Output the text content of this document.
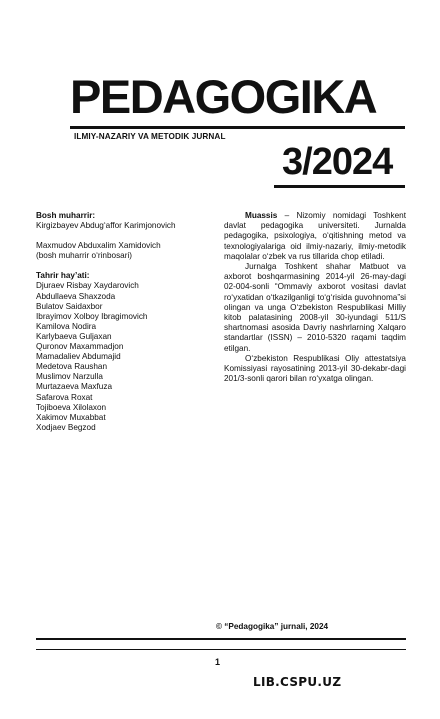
PEDAGOGIKA
ILMIY-NAZARIY VA METODIK JURNAL
3/2024
Bosh muharrir:
Kirgizbayev Abdug‘affor Karimjonovich
Maxmudov Abduxalim Xamidovich
(bosh muharrir o‘rinbosari)
Tahrir hay’ati:
Djuraev Risbay Xaydarovich
Abdullaeva Shaxzoda
Bulatov Saidaxbor
Ibrayimov Xolboy Ibragimovich
Kamilova Nodira
Karlybaeva Guljaxan
Quronov Maxammadjon
Mamadaliev Abdumajid
Medetova Raushan
Muslimov Narzulla
Murtazaeva Maxfuza
Safarova Roxat
Tojiboeva Xilolaxon
Xakimov Muxabbat
Xodjaev Begzod

Muassis – Nizomiy nomidagi Toshkent davlat pedagogika universiteti. Jurnalda pedagogika, psixologiya, o‘qitishning metod va texnologiyalariga oid ilmiy-nazariy, ilmiy-metodik maqolalar o‘zbek va rus tillarida chop etiladi.

Jurnalga Toshkent shahar Matbuot va axborot boshqarmasining 2014-yil 26-may-dagi 02-004-sonli “Ommaviy axborot vositasi davlat ro‘yxatidan o‘tkazilganligi to‘g‘risida guvohnoma”si olingan va unga O‘zbekiston Respublikasi Milliy kitob palatasining 2008-yil 30-iyundagi 511/S shartnomasi asosida Davriy nashrlarning Xalqaro standartlar (ISSN) – 2010-5320 raqami taqdim etilgan.

O‘zbekiston Respublikasi Oliy attestatsiya Komissiyasi rayosatining 2013-yil 30-dekabr-dagi 201/3-sonli qarori bilan ro‘yxatga olingan.

© “Pedagogika” jurnali, 2024
1
LIB.CSPU.UZ
